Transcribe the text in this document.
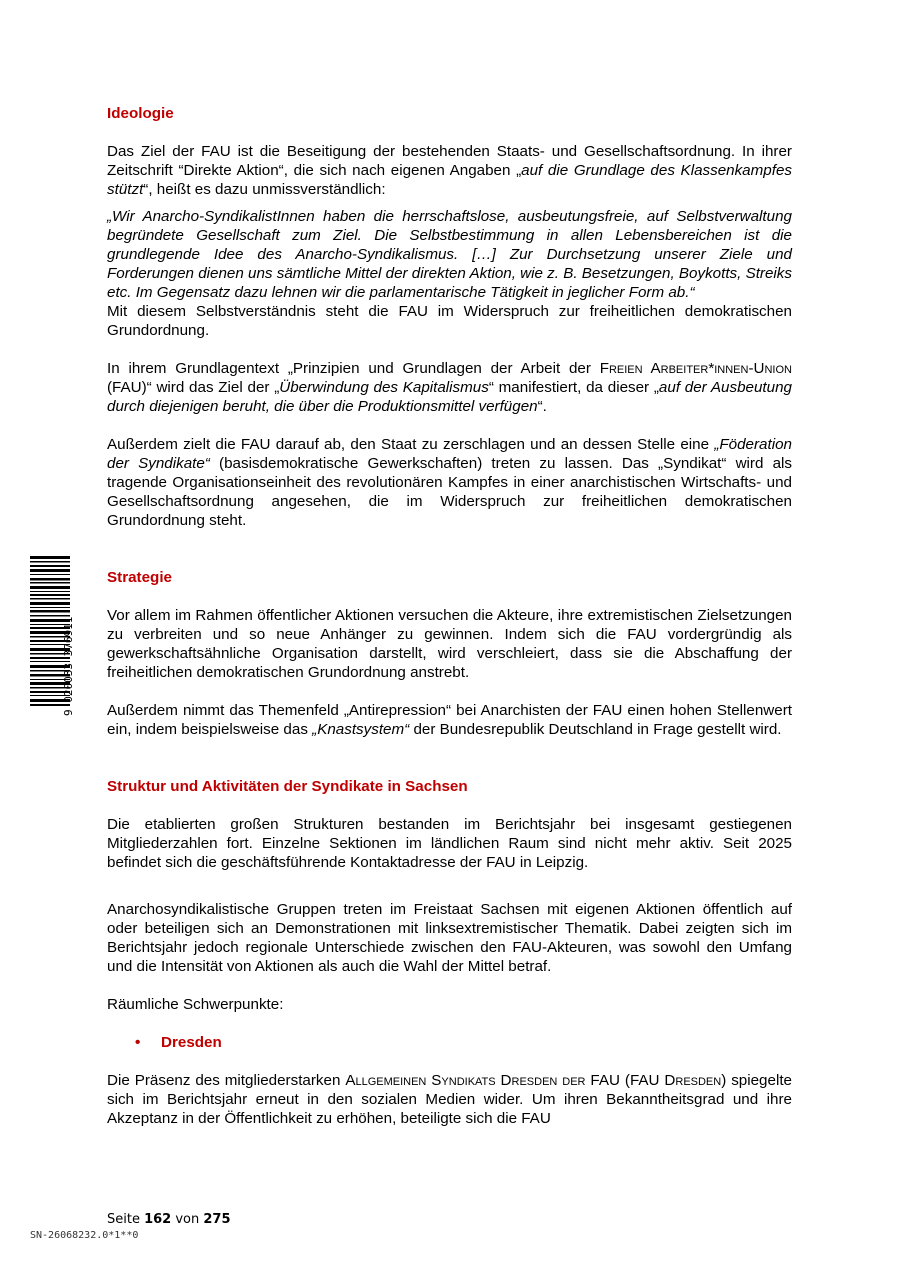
Ideologie

Das Ziel der FAU ist die Beseitigung der bestehenden Staats- und Gesellschaftsordnung. In ihrer Zeitschrift “Direkte Aktion“, die sich nach eigenen Angaben „auf die Grundlage des Klassenkampfes stützt“, heißt es dazu unmissverständlich:

„Wir Anarcho-SyndikalistInnen haben die herrschaftslose, ausbeutungsfreie, auf Selbstverwaltung begründete Gesellschaft zum Ziel. Die Selbstbestimmung in allen Lebensbereichen ist die grundlegende Idee des Anarcho-Syndikalismus. […] Zur Durchsetzung unserer Ziele und Forderungen dienen uns sämtliche Mittel der direkten Aktion, wie z. B. Besetzungen, Boykotts, Streiks etc. Im Gegensatz dazu lehnen wir die parlamentarische Tätigkeit in jeglicher Form ab.“

Mit diesem Selbstverständnis steht die FAU im Widerspruch zur freiheitlichen demokratischen Grundordnung.

In ihrem Grundlagentext „Prinzipien und Grundlagen der Arbeit der Freien Arbeiter*innen-Union (FAU)“ wird das Ziel der „Überwindung des Kapitalismus“ manifestiert, da dieser „auf der Ausbeutung durch diejenigen beruht, die über die Produktionsmittel verfügen“.

Außerdem zielt die FAU darauf ab, den Staat zu zerschlagen und an dessen Stelle eine „Föderation der Syndikate“ (basisdemokratische Gewerkschaften) treten zu lassen. Das „Syndikat“ wird als tragende Organisationseinheit des revolutionären Kampfes in einer anarchistischen Wirtschafts- und Gesellschaftsordnung angesehen, die im Widerspruch zur freiheitlichen demokratischen Grundordnung steht.

Strategie

Vor allem im Rahmen öffentlicher Aktionen versuchen die Akteure, ihre extremistischen Zielsetzungen zu verbreiten und so neue Anhänger zu gewinnen. Indem sich die FAU vordergründig als gewerkschaftsähnliche Organisation darstellt, wird verschleiert, dass sie die Abschaffung der freiheitlichen demokratischen Grundordnung anstrebt.

Außerdem nimmt das Themenfeld „Antirepression“ bei Anarchisten der FAU einen hohen Stellenwert ein, indem beispielsweise das „Knastsystem“ der Bundesrepublik Deutschland in Frage gestellt wird.

Struktur und Aktivitäten der Syndikate in Sachsen

Die etablierten großen Strukturen bestanden im Berichtsjahr bei insgesamt gestiegenen Mitgliederzahlen fort. Einzelne Sektionen im ländlichen Raum sind nicht mehr aktiv. Seit 2025 befindet sich die geschäftsführende Kontaktadresse der FAU in Leipzig.

Anarchosyndikalistische Gruppen treten im Freistaat Sachsen mit eigenen Aktionen öffentlich auf oder beteiligen sich an Demonstrationen mit linksextremistischer Thematik. Dabei zeigten sich im Berichtsjahr jedoch regionale Unterschiede zwischen den FAU-Akteuren, was sowohl den Umfang und die Intensität von Aktionen als auch die Wahl der Mittel betraf.

Räumliche Schwerpunkte:

•	Dresden

Die Präsenz des mitgliederstarken Allgemeinen Syndikats Dresden der FAU (FAU Dresden) spiegelte sich im Berichtsjahr erneut in den sozialen Medien wider. Um ihren Bekanntheitsgrad und ihre Akzeptanz in der Öffentlichkeit zu erhöhen, beteiligte sich die FAU

9 020033 376911
Seite 162 von 275
SN-26068232.0*1**0
